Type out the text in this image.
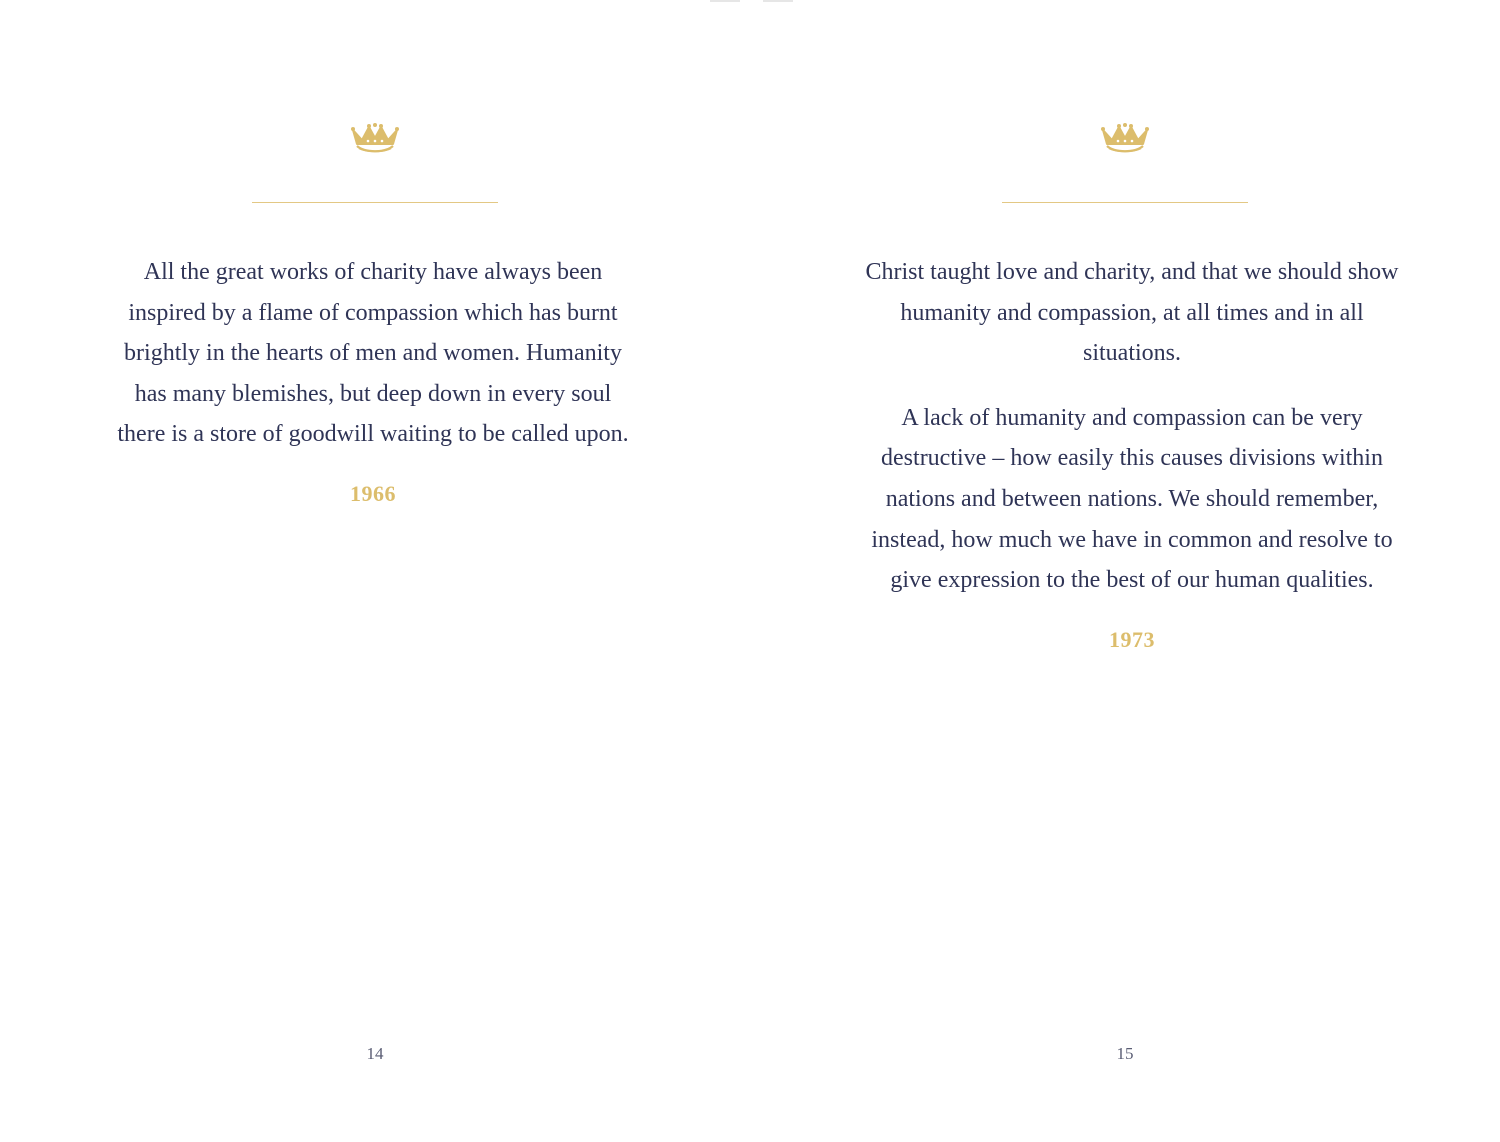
All the great works of charity have always been inspired by a flame of compassion which has burnt brightly in the hearts of men and women. Humanity has many blemishes, but deep down in every soul there is a store of goodwill waiting to be called upon.

1966

14

Christ taught love and charity, and that we should show humanity and compassion, at all times and in all situations.

A lack of humanity and compassion can be very destructive – how easily this causes divisions within nations and between nations. We should remember, instead, how much we have in common and resolve to give expression to the best of our human qualities.

1973

15
